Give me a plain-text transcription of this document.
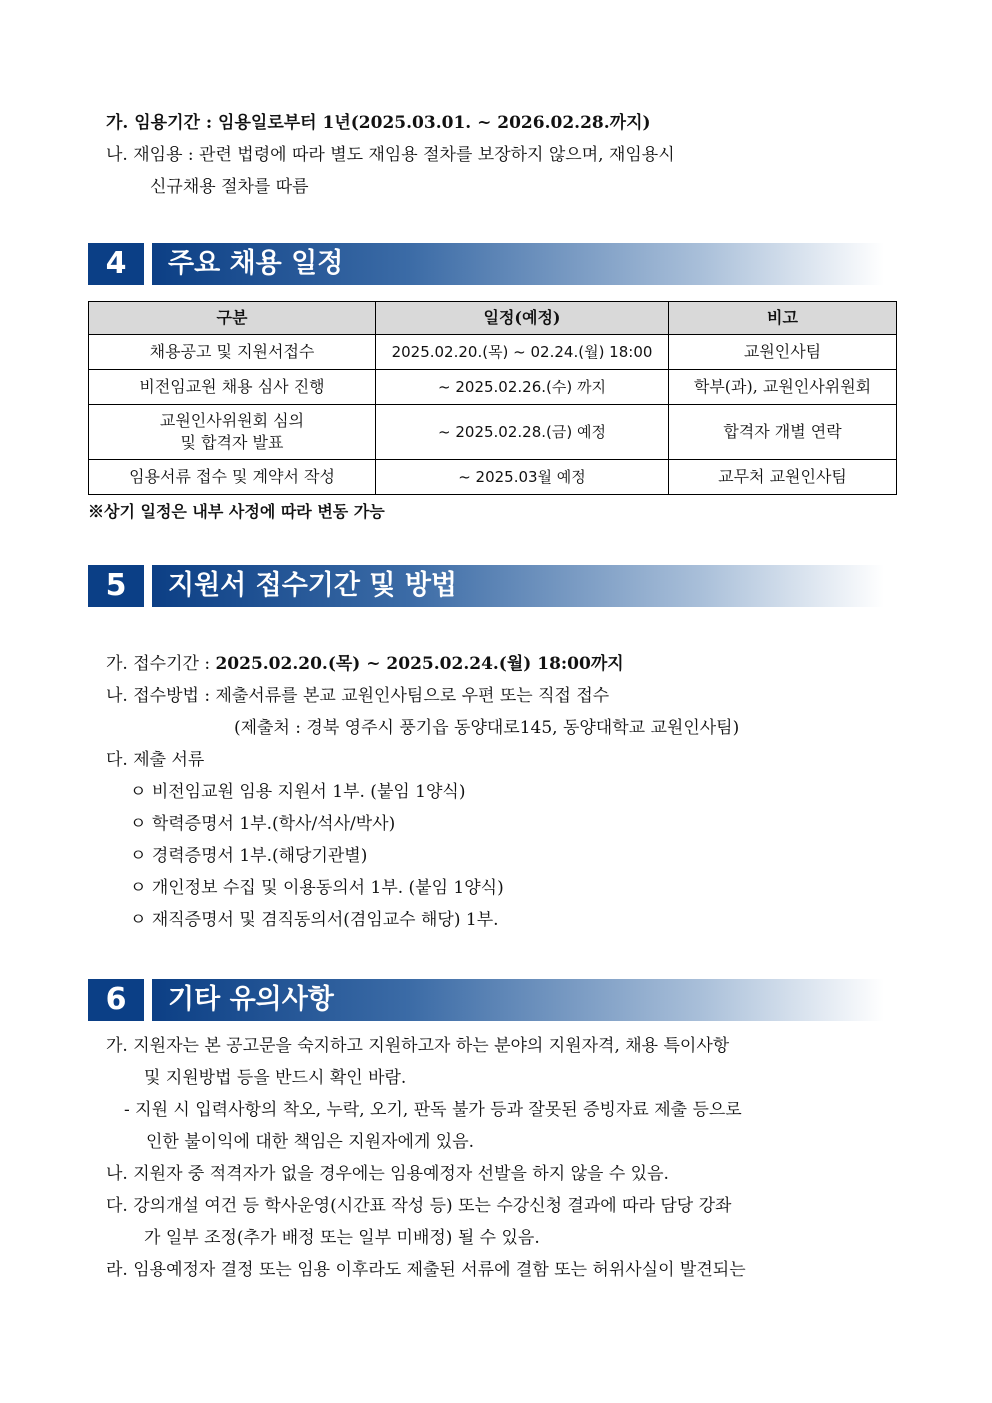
가. 임용기간 : 임용일로부터 1년(2025.03.01. ~ 2026.02.28.까지)
나. 재임용 : 관련 법령에 따라 별도 재임용 절차를 보장하지 않으며, 재임용시
신규채용 절차를 따름
4	주요 채용 일정
구분	일정(예정)	비고
채용공고 및 지원서접수	2025.02.20.(목) ~ 02.24.(월) 18:00	교원인사팀
비전임교원 채용 심사 진행	~ 2025.02.26.(수) 까지	학부(과), 교원인사위원회

교원인사위원회 심의
및 합격자 발표	~ 2025.02.28.(금) 예정	합격자 개별 연락
임용서류 접수 및 계약서 작성	~ 2025.03월 예정	교무처 교원인사팀
※상기 일정은 내부 사정에 따라 변동 가능
5	지원서 접수기간 및 방법
가. 접수기간 : 2025.02.20.(목) ~ 2025.02.24.(월) 18:00까지
나. 접수방법 : 제출서류를 본교 교원인사팀으로 우편 또는 직접 접수
(제출처 : 경북 영주시 풍기읍 동양대로145, 동양대학교 교원인사팀)
다. 제출 서류
ㅇ 비전임교원 임용 지원서 1부. (붙임 1양식)
ㅇ 학력증명서 1부.(학사/석사/박사)
ㅇ 경력증명서 1부.(해당기관별)
ㅇ 개인정보 수집 및 이용동의서 1부. (붙임 1양식)
ㅇ 재직증명서 및 겸직동의서(겸임교수 해당) 1부.
6	기타 유의사항
가. 지원자는 본 공고문을 숙지하고 지원하고자 하는 분야의 지원자격, 채용 특이사항
및 지원방법 등을 반드시 확인 바람.
- 지원 시 입력사항의 착오, 누락, 오기, 판독 불가 등과 잘못된 증빙자료 제출 등으로
인한 불이익에 대한 책임은 지원자에게 있음.
나. 지원자 중 적격자가 없을 경우에는 임용예정자 선발을 하지 않을 수 있음.
다. 강의개설 여건 등 학사운영(시간표 작성 등) 또는 수강신청 결과에 따라 담당 강좌
가 일부 조정(추가 배정 또는 일부 미배정) 될 수 있음.
라. 임용예정자 결정 또는 임용 이후라도 제출된 서류에 결함 또는 허위사실이 발견되는
